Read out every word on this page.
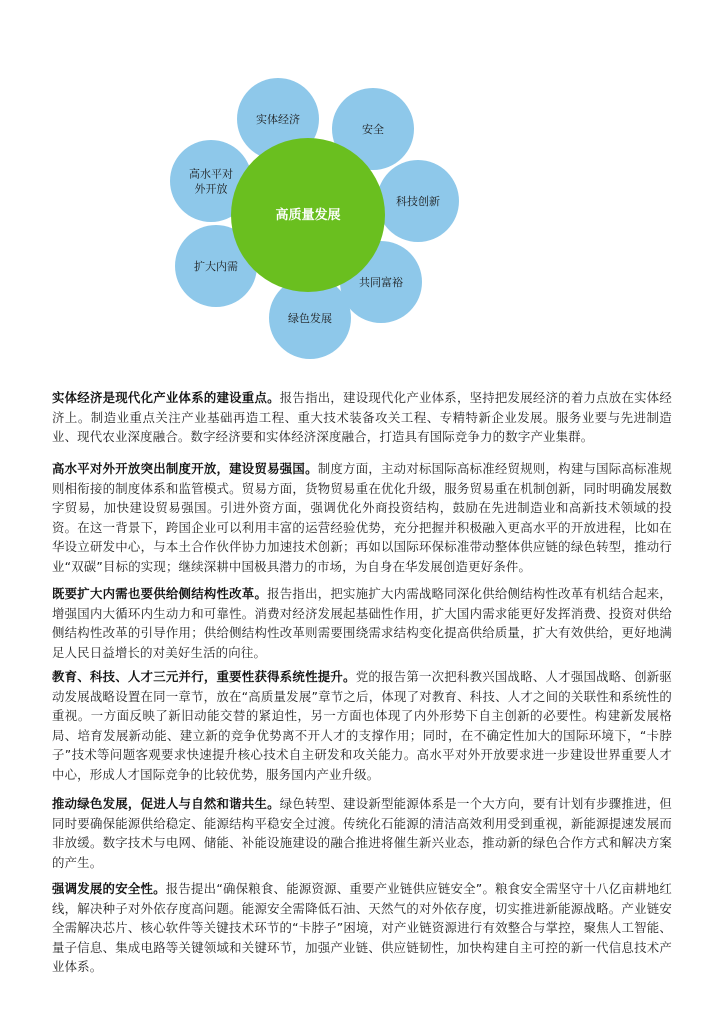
高质量发展
实体经济
安全
科技创新
共同富裕
绿色发展
扩大内需
高水平对
外开放

实体经济是现代化产业体系的建设重点。报告指出，建设现代化产业体系，坚持把发展经济的着力点放在实体经济上。制造业重点关注产业基础再造工程、重大技术装备攻关工程、专精特新企业发展。服务业要与先进制造业、现代农业深度融合。数字经济要和实体经济深度融合，打造具有国际竞争力的数字产业集群。

高水平对外开放突出制度开放，建设贸易强国。制度方面，主动对标国际高标准经贸规则，构建与国际高标准规则相衔接的制度体系和监管模式。贸易方面，货物贸易重在优化升级，服务贸易重在机制创新，同时明确发展数字贸易，加快建设贸易强国。引进外资方面，强调优化外商投资结构，鼓励在先进制造业和高新技术领域的投资。在这一背景下，跨国企业可以利用丰富的运营经验优势，充分把握并积极融入更高水平的开放进程，比如在华设立研发中心，与本土合作伙伴协力加速技术创新；再如以国际环保标准带动整体供应链的绿色转型，推动行业“双碳”目标的实现；继续深耕中国极具潜力的市场，为自身在华发展创造更好条件。

既要扩大内需也要供给侧结构性改革。报告指出，把实施扩大内需战略同深化供给侧结构性改革有机结合起来，增强国内大循环内生动力和可靠性。消费对经济发展起基础性作用，扩大国内需求能更好发挥消费、投资对供给侧结构性改革的引导作用；供给侧结构性改革则需要围绕需求结构变化提高供给质量，扩大有效供给，更好地满足人民日益增长的对美好生活的向往。

教育、科技、人才三元并行，重要性获得系统性提升。党的报告第一次把科教兴国战略、人才强国战略、创新驱动发展战略设置在同一章节，放在“高质量发展”章节之后，体现了对教育、科技、人才之间的关联性和系统性的重视。一方面反映了新旧动能交替的紧迫性，另一方面也体现了内外形势下自主创新的必要性。构建新发展格局、培育发展新动能、建立新的竞争优势离不开人才的支撑作用；同时，在不确定性加大的国际环境下，“卡脖子”技术等问题客观要求快速提升核心技术自主研发和攻关能力。高水平对外开放要求进一步建设世界重要人才中心，形成人才国际竞争的比较优势，服务国内产业升级。

推动绿色发展，促进人与自然和谐共生。绿色转型、建设新型能源体系是一个大方向，要有计划有步骤推进，但同时要确保能源供给稳定、能源结构平稳安全过渡。传统化石能源的清洁高效利用受到重视，新能源提速发展而非放缓。数字技术与电网、储能、补能设施建设的融合推进将催生新兴业态，推动新的绿色合作方式和解决方案的产生。

强调发展的安全性。报告提出“确保粮食、能源资源、重要产业链供应链安全”。粮食安全需坚守十八亿亩耕地红线，解决种子对外依存度高问题。能源安全需降低石油、天然气的对外依存度，切实推进新能源战略。产业链安全需解决芯片、核心软件等关键技术环节的“卡脖子”困境，对产业链资源进行有效整合与掌控，聚焦人工智能、量子信息、集成电路等关键领域和关键环节，加强产业链、供应链韧性，加快构建自主可控的新一代信息技术产业体系。
